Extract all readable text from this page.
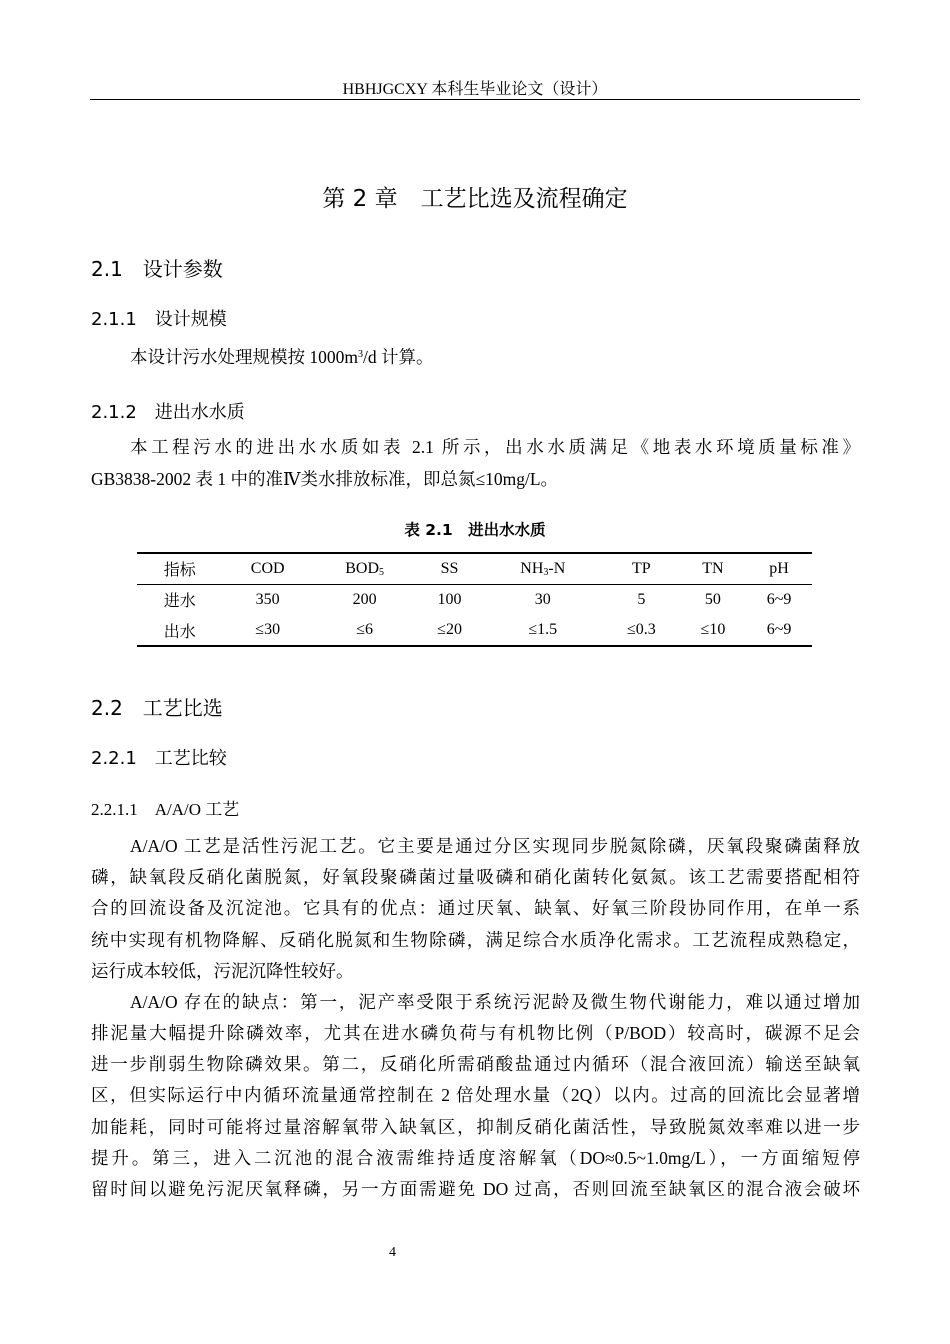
HBHJGCXY 本科生毕业论文（设计）
第 2 章　工艺比选及流程确定
2.1　设计参数
2.1.1　设计规模
本设计污水处理规模按 $1000m^3/d$ 计算。
2.1.2　进出水水质
本工程污水的进出水水质如表 2.1 所示，出水水质满足《地表水环境质量标准》
GB3838-2002 表 1 中的准Ⅳ类水排放标准，即总氮≤10mg/L。
表 2.1　进出水水质
指标	COD	$BOD_5$	SS	$NH_3-N$	TP	TN	pH
进水	350	200	100	30	5	50	6~9
出水	≤30	≤6	≤20	≤1.5	≤0.3	≤10	6~9
2.2　工艺比选
2.2.1　工艺比较
2.2.1.1　A/A/O 工艺
A/A/O 工艺是活性污泥工艺。它主要是通过分区实现同步脱氮除磷，厌氧段聚磷菌释放
磷，缺氧段反硝化菌脱氮，好氧段聚磷菌过量吸磷和硝化菌转化氨氮。该工艺需要搭配相符
合的回流设备及沉淀池。它具有的优点：通过厌氧、缺氧、好氧三阶段协同作用，在单一系
统中实现有机物降解、反硝化脱氮和生物除磷，满足综合水质净化需求。工艺流程成熟稳定，
运行成本较低，污泥沉降性较好。
A/A/O 存在的缺点：第一，泥产率受限于系统污泥龄及微生物代谢能力，难以通过增加
排泥量大幅提升除磷效率，尤其在进水磷负荷与有机物比例（P/BOD）较高时，碳源不足会
进一步削弱生物除磷效果。第二，反硝化所需硝酸盐通过内循环（混合液回流）输送至缺氧
区，但实际运行中内循环流量通常控制在 2 倍处理水量（2Q）以内。过高的回流比会显著增
加能耗，同时可能将过量溶解氧带入缺氧区，抑制反硝化菌活性，导致脱氮效率难以进一步
提升。第三，进入二沉池的混合液需维持适度溶解氧（DO≈0.5~1.0mg/L），一方面缩短停
留时间以避免污泥厌氧释磷，另一方面需避免 DO 过高，否则回流至缺氧区的混合液会破坏
4
